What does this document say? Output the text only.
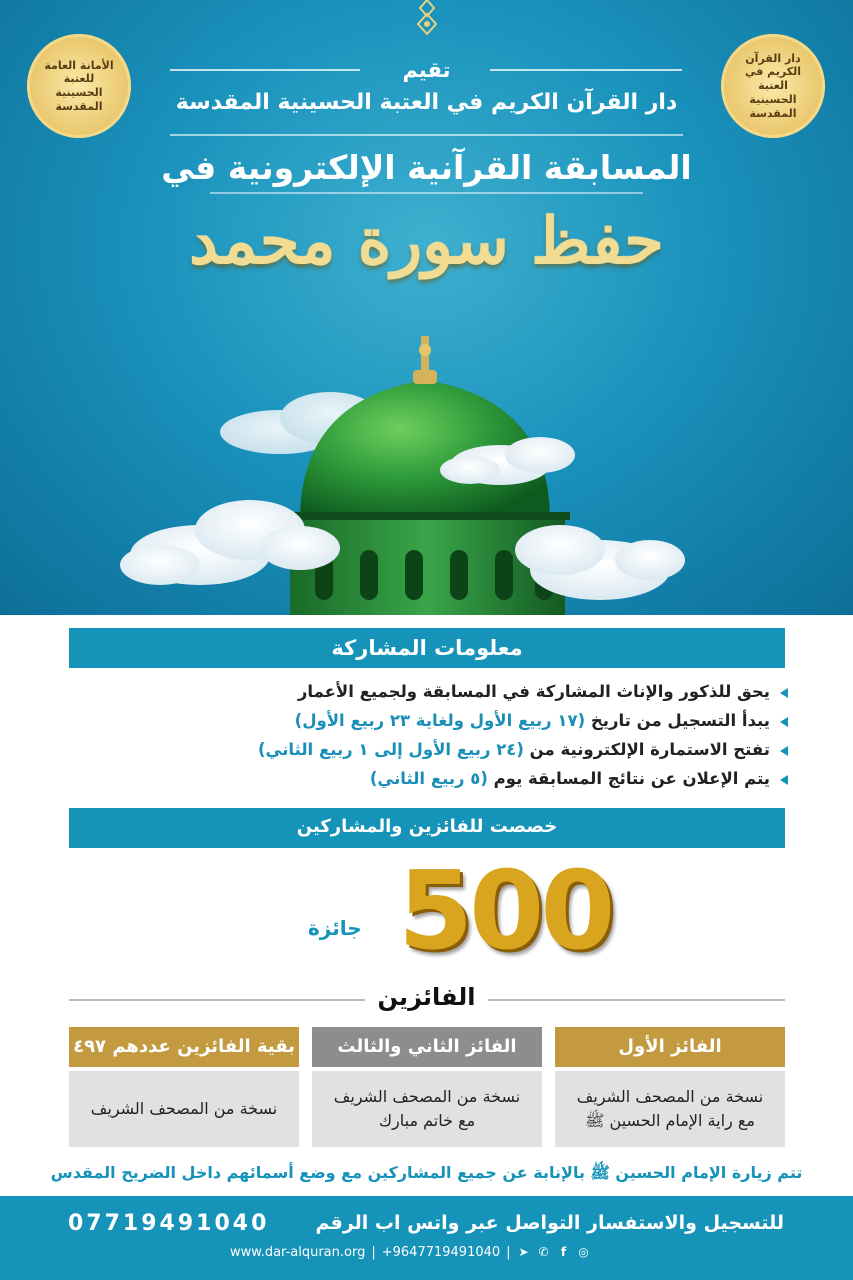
الأمانة العامة للعتبة الحسينية المقدسة
دار القرآن الكريم في العتبة الحسينية المقدسة
تقيم
دار القرآن الكريم في العتبة الحسينية المقدسة
المسابقة القرآنية الإلكترونية في
حفظ سورة محمد
معلومات المشاركة
يحق للذكور والإناث المشاركة في المسابقة ولجميع الأعمار
يبدأ التسجيل من تاريخ (١٧ ربيع الأول ولغاية ٢٣ ربيع الأول)
تفتح الاستمارة الإلكترونية من (٢٤ ربيع الأول إلى ١ ربيع الثاني)
يتم الإعلان عن نتائج المسابقة يوم (٥ ربيع الثاني)
خصصت للفائزين والمشاركين
500
جائزة
الفائزين
الفائز الأول
نسخة من المصحف الشريف
مع راية الإمام الحسين ﷺ
الفائز الثاني والثالث
نسخة من المصحف الشريف
مع خاتم مبارك
بقية الفائزين عددهم ٤٩٧
نسخة من المصحف الشريف
تتم زيارة الإمام الحسين ﷺ بالإنابة عن جميع المشاركين مع وضع أسمائهم داخل الضريح المقدس
للتسجيل والاستفسار التواصل عبر واتس اب الرقم
07719491040
www.dar-alquran.org | +9647719491040 | ➤ ✆	f	◎
